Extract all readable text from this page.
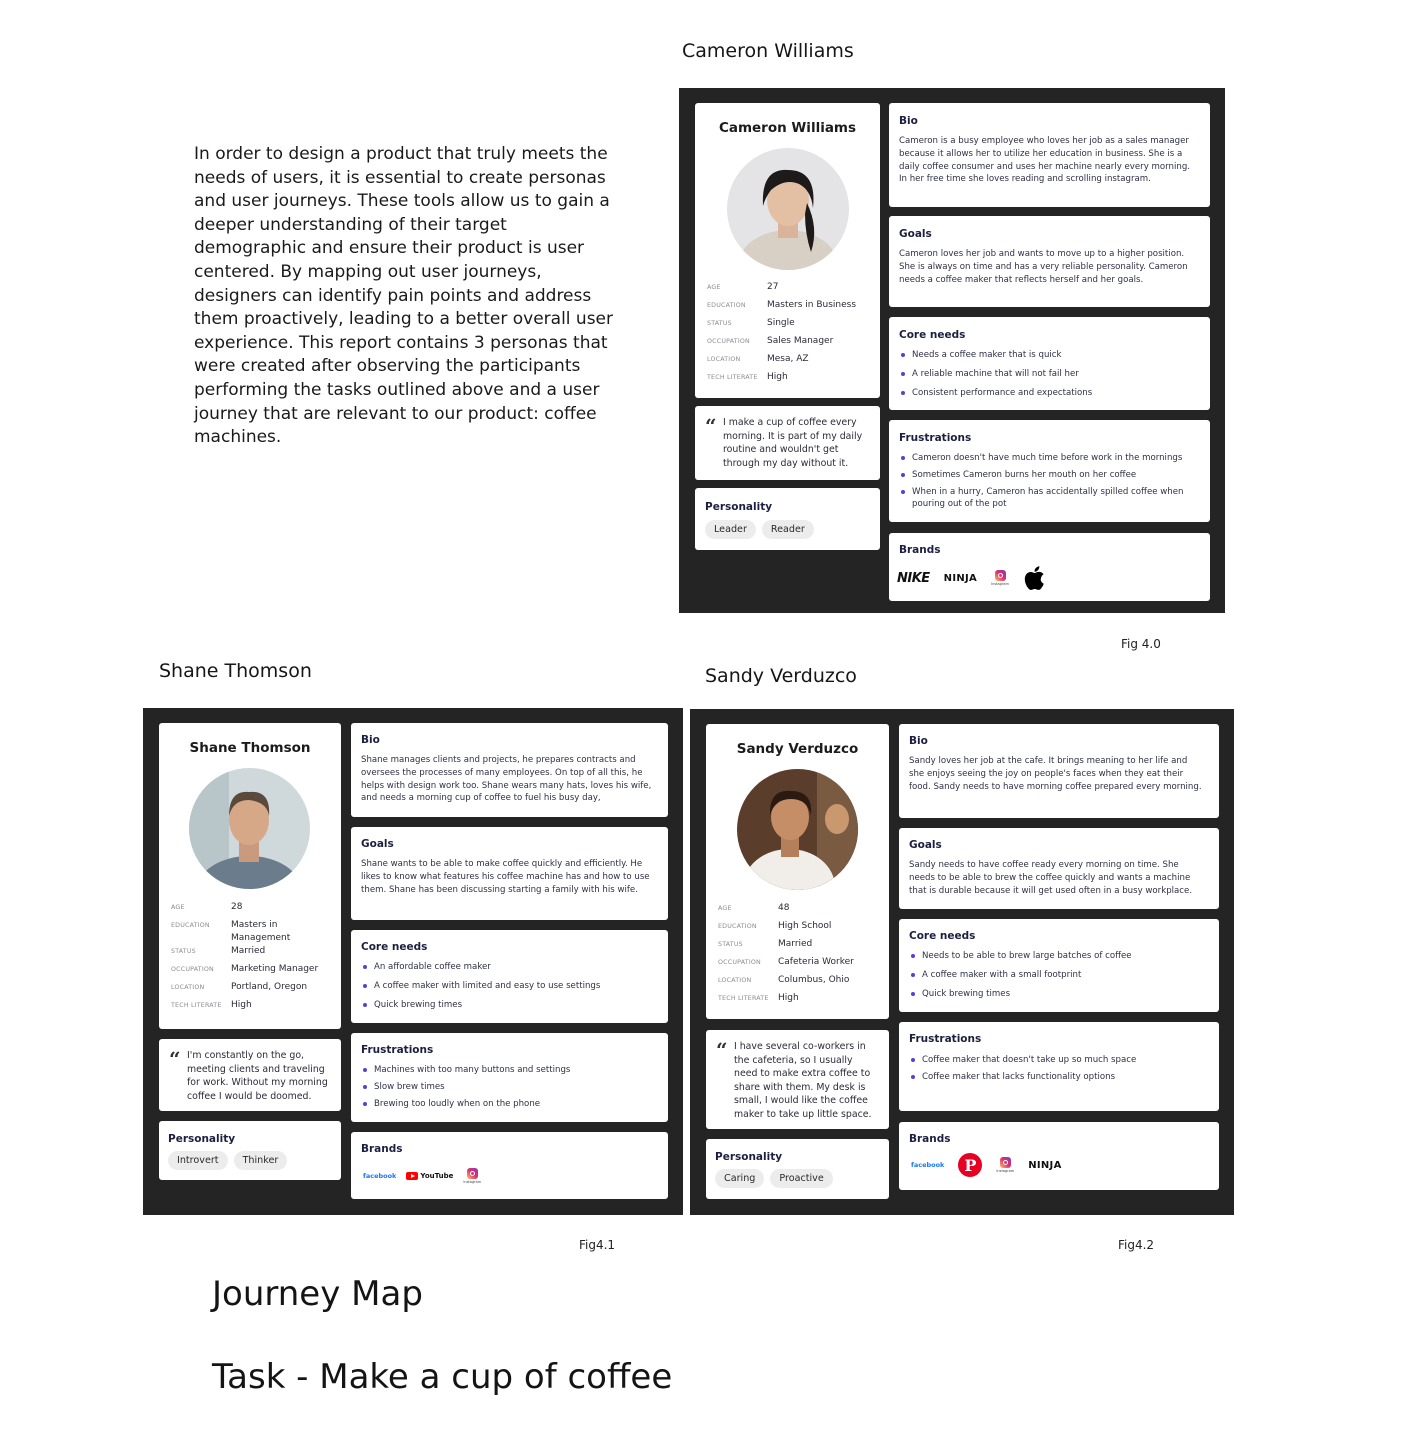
In order to design a product that truly meets the needs of users, it is essential to create personas and user journeys. These tools allow us to gain a deeper understanding of their target demographic and ensure their product is user centered. By mapping out user journeys, designers can identify pain points and address them proactively, leading to a better overall user experience. This report contains 3 personas that were created after observing the participants performing the tasks outlined above and a user journey that are relevant to our product: coffee machines.
Cameron Williams
Cameron Williams
AGE	27
EDUCATION	Masters in Business
STATUS	Single
OCCUPATION	Sales Manager
LOCATION	Mesa, AZ
TECH LITERATE	High
“ I make a cup of coffee every morning. It is part of my daily routine and wouldn't get through my day without it.
Personality
Leader	Reader
Bio
Cameron is a busy employee who loves her job as a sales manager because it allows her to utilize her education in business. She is a daily coffee consumer and uses her machine nearly every morning. In her free time she loves reading and scrolling instagram.
Goals
Cameron loves her job and wants to move up to a higher position. She is always on time and has a very reliable personality. Cameron needs a coffee maker that reflects herself and her goals.
Core needs
Needs a coffee maker that is quick
A reliable machine that will not fail her
Consistent performance and expectations
Frustrations
Cameron doesn't have much time before work in the mornings
Sometimes Cameron burns her mouth on her coffee
When in a hurry, Cameron has accidentally spilled coffee when pouring out of the pot
Brands
NIKE NINJA
Instagram
Fig 4.0
Shane Thomson
Shane Thomson
AGE	28
EDUCATION	Masters in Management
STATUS	Married
OCCUPATION	Marketing Manager
LOCATION	Portland, Oregon
TECH LITERATE	High
“ I'm constantly on the go, meeting clients and traveling for work. Without my morning coffee I would be doomed.
Personality
Introvert	Thinker
Bio
Shane manages clients and projects, he prepares contracts and oversees the processes of many employees. On top of all this, he helps with design work too. Shane wears many hats, loves his wife, and needs a morning cup of coffee to fuel his busy day,
Goals
Shane wants to be able to make coffee quickly and efficiently. He likes to know what features his coffee machine has and how to use them. Shane has been discussing starting a family with his wife.
Core needs
An affordable coffee maker
A coffee maker with limited and easy to use settings
Quick brewing times
Frustrations
Machines with too many buttons and settings
Slow brew times
Brewing too loudly when on the phone
Brands
facebook	YouTube
Instagram
Fig4.1
Sandy Verduzco
Sandy Verduzco
AGE	48
EDUCATION	High School
STATUS	Married
OCCUPATION	Cafeteria Worker
LOCATION	Columbus, Ohio
TECH LITERATE	High
“ I have several co-workers in the cafeteria, so I usually need to make extra coffee to share with them. My desk is small, I would like the coffee maker to take up little space.
Personality
Caring	Proactive
Bio
Sandy loves her job at the cafe. It brings meaning to her life and she enjoys seeing the joy on people's faces when they eat their food. Sandy needs to have morning coffee prepared every morning.
Goals
Sandy needs to have coffee ready every morning on time. She needs to be able to brew the coffee quickly and wants a machine that is durable because it will get used often in a busy workplace.
Core needs
Needs to be able to brew large batches of coffee
A coffee maker with a small footprint
Quick brewing times
Frustrations
Coffee maker that doesn't take up so much space
Coffee maker that lacks functionality options
Brands
facebook	P	Instagram
NINJA
Fig4.2
Journey Map
Task - Make a cup of coffee
